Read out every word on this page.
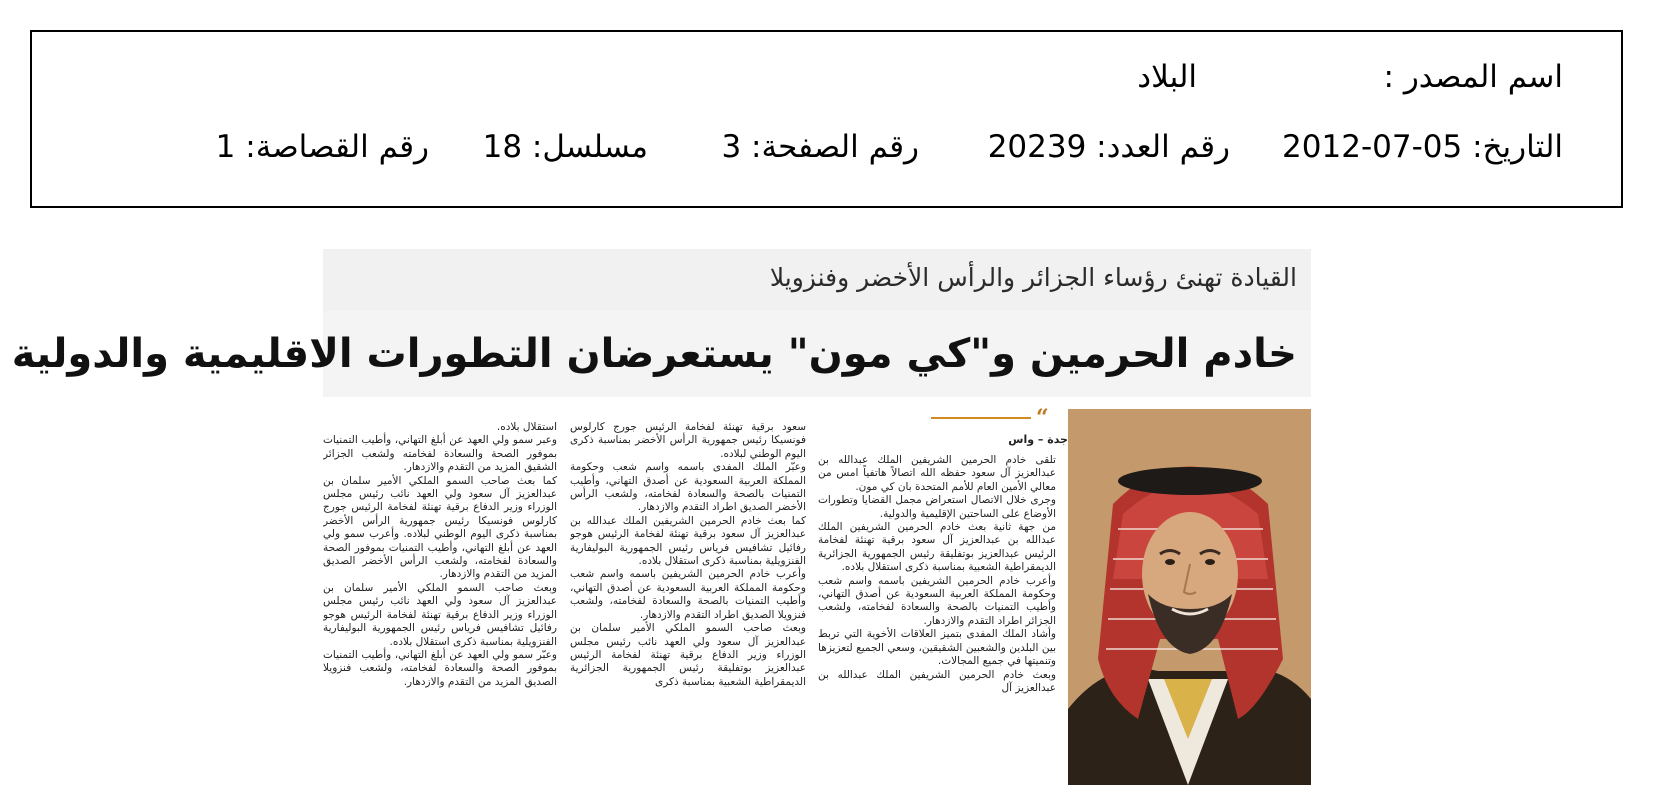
اسم المصدر :
البلاد
التاريخ: 05-07-2012
رقم العدد: 20239
رقم الصفحة: 3
مسلسل: 18
رقم القصاصة: 1
القيادة تهنئ رؤساء الجزائر والرأس الأخضر وفنزويلا
خادم الحرمين و"كي مون" يستعرضان التطورات الاقليمية والدولية
“
جدة – واس

تلقى خادم الحرمين الشريفين الملك عبدالله بن عبدالعزيز آل سعود حفظه الله اتصالاً هاتفياً امس من معالي الأمين العام للأمم المتحدة بان كي مون.

وجرى خلال الاتصال استعراض مجمل القضايا وتطورات الأوضاع على الساحتين الإقليمية والدولية.

من جهة ثانية بعث خادم الحرمين الشريفين الملك عبدالله بن عبدالعزيز آل سعود برقية تهنئة لفخامة الرئيس عبدالعزيز بوتفليقة رئيس الجمهورية الجزائرية الديمقراطية الشعبية بمناسبة ذكرى استقلال بلاده.

وأعرب خادم الحرمين الشريفين باسمه واسم شعب وحكومة المملكة العربية السعودية عن أصدق التهاني، وأطيب التمنيات بالصحة والسعادة لفخامته، ولشعب الجزائر اطراد التقدم والازدهار.

وأشاد الملك المفدى بتميز العلاقات الأخوية التي تربط بين البلدين والشعبين الشقيقين، وسعي الجميع لتعزيزها وتنميتها في جميع المجالات.

وبعث خادم الحرمين الشريفين الملك عبدالله بن عبدالعزيز آل

سعود برقية تهنئة لفخامة الرئيس جورج كارلوس فونسيكا رئيس جمهورية الرأس الأخضر بمناسبة ذكرى اليوم الوطني لبلاده.

وعبّر الملك المفدى باسمه واسم شعب وحكومة المملكة العربية السعودية عن أصدق التهاني، وأطيب التمنيات بالصحة والسعادة لفخامته، ولشعب الرأس الأخضر الصديق اطراد التقدم والازدهار.

كما بعث خادم الحرمين الشريفين الملك عبدالله بن عبدالعزيز آل سعود برقية تهنئة لفخامة الرئيس هوجو رفائيل تشافيس فرياس رئيس الجمهورية البوليفارية الفنزويلية بمناسبة ذكرى استقلال بلاده.

وأعرب خادم الحرمين الشريفين باسمه واسم شعب وحكومة المملكة العربية السعودية عن أصدق التهاني، وأطيب التمنيات بالصحة والسعادة لفخامته، ولشعب فنزويلا الصديق اطراد التقدم والازدهار.

وبعث صاحب السمو الملكي الأمير سلمان بن عبدالعزيز آل سعود ولي العهد نائب رئيس مجلس الوزراء وزير الدفاع برقية تهنئة لفخامة الرئيس عبدالعزيز بوتفليقة رئيس الجمهورية الجزائرية الديمقراطية الشعبية بمناسبة ذكرى

استقلال بلاده.

وعبر سمو ولي العهد عن أبلغ التهاني، وأطيب التمنيات بموفور الصحة والسعادة لفخامته ولشعب الجزائر الشقيق المزيد من التقدم والازدهار.

كما بعث صاحب السمو الملكي الأمير سلمان بن عبدالعزيز آل سعود ولي العهد نائب رئيس مجلس الوزراء وزير الدفاع برقية تهنئة لفخامة الرئيس جورج كارلوس فونسيكا رئيس جمهورية الرأس الأخضر بمناسبة ذكرى اليوم الوطني لبلاده. وأعرب سمو ولي العهد عن أبلغ التهاني، وأطيب التمنيات بموفور الصحة والسعادة لفخامته، ولشعب الرأس الأخضر الصديق المزيد من التقدم والازدهار.

وبعث صاحب السمو الملكي الأمير سلمان بن عبدالعزيز آل سعود ولي العهد نائب رئيس مجلس الوزراء وزير الدفاع برقية تهنئة لفخامة الرئيس هوجو رفائيل تشافيس فرياس رئيس الجمهورية البوليفارية الفنزويلية بمناسبة ذكرى استقلال بلاده.

وعبّر سمو ولي العهد عن أبلغ التهاني، وأطيب التمنيات بموفور الصحة والسعادة لفخامته، ولشعب فنزويلا الصديق المزيد من التقدم والازدهار.
